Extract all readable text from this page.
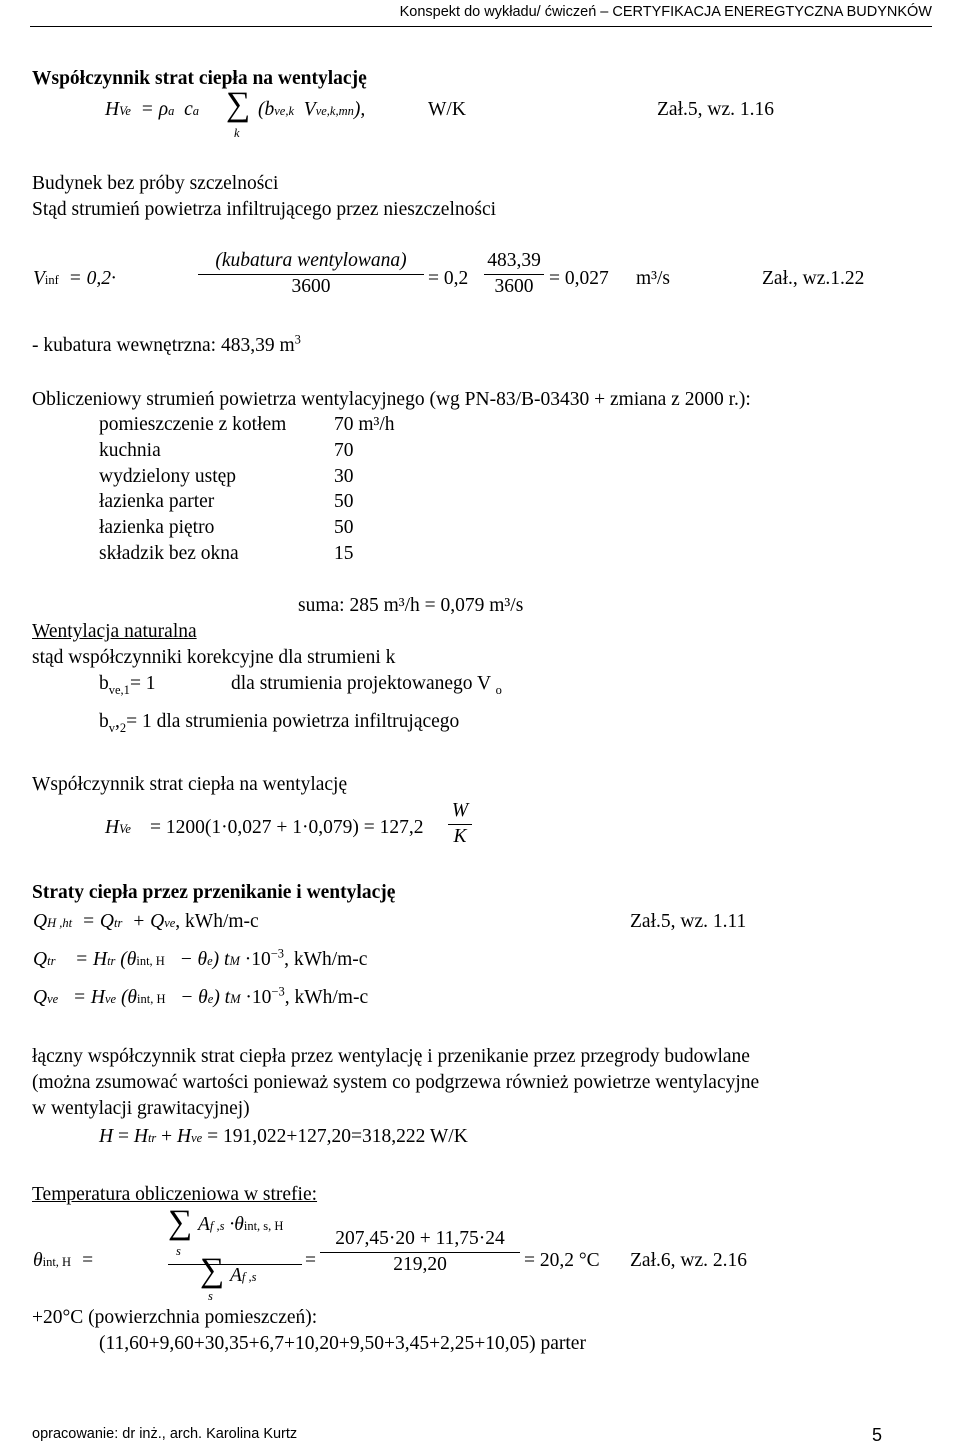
Konspekt do wykładu/ ćwiczeń – CERTYFIKACJA ENEREGTYCZNA BUDYNKÓW
Współczynnik strat ciepła na wentylację
HVe  = ρa  ca ∑
k
(bve,k  Vve,k,mn),	W/K	Zał.5, wz. 1.16
Budynek bez próby szczelności
Stąd strumień powietrza infiltrującego przez nieszczelności
Vinf  = 0,2·
(kubatura wentylowana)
3600	= 0,2
483,39
3600 = 0,027 m³/s	Zał., wz.1.22
- kubatura wewnętrzna: 483,39 $m^3$
Obliczeniowy strumień powietrza wentylacyjnego (wg PN-83/B-03430 + zmiana z 2000 r.):
pomieszczenie z kotłem 70 m³/h
kuchnia	70
wydzielony ustęp	30
łazienka parter	50
łazienka piętro	50
składzik bez okna	15
suma: 285 m³/h = 0,079 m³/s
Wentylacja naturalna
stąd współczynniki korekcyjne dla strumieni k
$b_{ve,1}= 1$	dla strumienia projektowanego V $_o$
$b_v,_2= 1$ dla strumienia powietrza infiltrującego
Współczynnik strat ciepła na wentylację
HVe = 1200(1·0,027 + 1·0,079) = 127,2
W
K
Straty ciepła przez przenikanie i wentylację
QH ,ht  = Qtr  + Qve, kWh/m-c	Zał.5, wz. 1.11
Qtr    = Htr (θint, H   − θe) tM $\cdot 10^{-3}$, kWh/m-c
Qve   = Hve (θint, H   − θe) tM $\cdot 10^{-3}$, kWh/m-c
łączny współczynnik strat ciepła przez wentylację i przenikanie przez przegrody budowlane
(można zsumować wartości ponieważ system co podgrzewa również powietrze wentylacyjne
w wentylacji grawitacyjnej)
H = Htr + Hve = 191,022+127,20=318,222 W/K
Temperatura obliczeniowa w strefie:
θint, H  =
∑ Af ,s ·θint, s, H
s
∑ Af ,s
s
=
207,45·20 + 11,75·24
219,20	= 20,2 °C Zał.6, wz. 2.16
+20°C (powierzchnia pomieszczeń):
(11,60+9,60+30,35+6,7+10,20+9,50+3,45+2,25+10,05) parter
opracowanie: dr inż., arch. Karolina Kurtz	5
